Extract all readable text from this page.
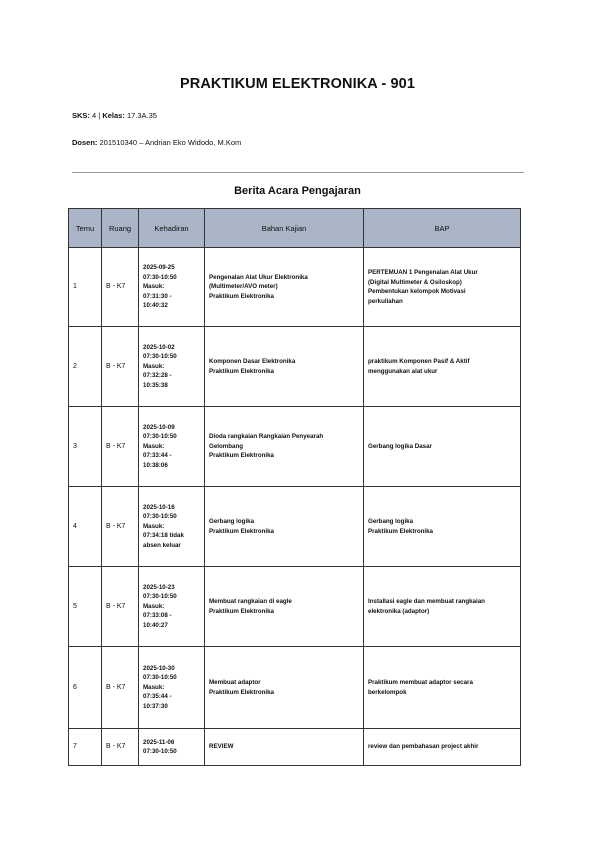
PRAKTIKUM ELEKTRONIKA - 901
SKS: 4 | Kelas: 17.3A.35
Dosen: 201510340 – Andrian Eko Widodo, M.Kom
Berita Acara Pengajaran
Temu	Ruang	Kehadiran	Bahan Kajian	BAP
1	B - K7	2025-09-25
07:30-10:50
Masuk:
07:31:30 -
10:40:32	Pengenalan Alat Ukur Elektronika
(Multimeter/AVO meter)
Praktikum Elektronika	PERTEMUAN 1 Pengenalan Alat Ukur
(Digital Multimeter & Osiloskop)
Pembentukan kelompok Motivasi
perkuliahan

2	B - K7	2025-10-02
07:30-10:50
Masuk:
07:32:28 -
10:35:38	Komponen Dasar Elektronika
Praktikum Elektronika	praktikum Komponen Pasif & Aktif
menggunakan alat ukur

3	B - K7	2025-10-09
07:30-10:50
Masuk:
07:33:44 -
10:38:06	Dioda rangkaian Rangkaian Penyearah
Gelombang
Praktikum Elektronika	Gerbang logika Dasar

4	B - K7	2025-10-16
07:30-10:50
Masuk:
07:34:18 tidak
absen keluar	Gerbang logika
Praktikum Elektronika	Gerbang logika
Praktikum Elektronika

5	B - K7	2025-10-23
07:30-10:50
Masuk:
07:33:08 -
10:40:27	Membuat rangkaian di eagle
Praktikum Elektronika	Installasi eagle dan membuat rangkaian
elektronika (adaptor)

6	B - K7	2025-10-30
07:30-10:50
Masuk:
07:35:44 -
10:37:30	Membuat adaptor
Praktikum Elektronika	Praktikum membuat adaptor secara
berkelompok

7	B - K7	2025-11-06
07:30-10:50	REVIEW	review dan pembahasan project akhir
